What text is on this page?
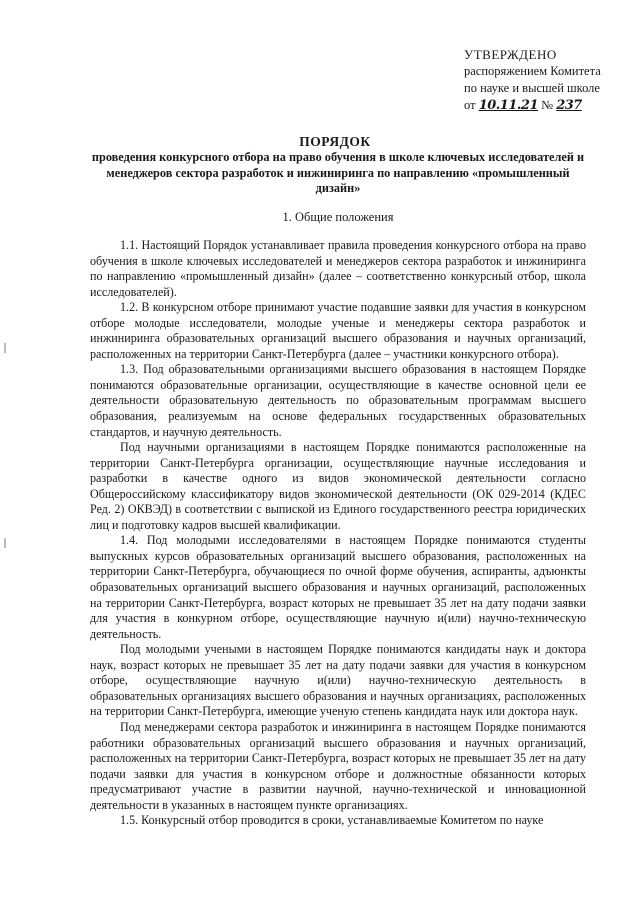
УТВЕРЖДЕНО
распоряжением Комитета
по науке и высшей школе
от 10.11.21 № 237
ПОРЯДОК
проведения конкурсного отбора на право обучения в школе ключевых исследователей и менеджеров сектора разработок и инжиниринга по направлению «промышленный дизайн»
1. Общие положения

1.1. Настоящий Порядок устанавливает правила проведения конкурсного отбора на право обучения в школе ключевых исследователей и менеджеров сектора разработок и инжиниринга по направлению «промышленный дизайн» (далее – соответственно конкурсный отбор, школа исследователей).

1.2. В конкурсном отборе принимают участие подавшие заявки для участия в конкурсном отборе молодые исследователи, молодые ученые и менеджеры сектора разработок и инжиниринга образовательных организаций высшего образования и научных организаций, расположенных на территории Санкт-Петербурга (далее – участники конкурсного отбора).

1.3. Под образовательными организациями высшего образования в настоящем Порядке понимаются образовательные организации, осуществляющие в качестве основной цели ее деятельности образовательную деятельность по образовательным программам высшего образования, реализуемым на основе федеральных государственных образовательных стандартов, и научную деятельность.

Под научными организациями в настоящем Порядке понимаются расположенные на территории Санкт-Петербурга организации, осуществляющие научные исследования и разработки в качестве одного из видов экономической деятельности согласно Общероссийскому классификатору видов экономической деятельности (ОК 029-2014 (КДЕС Ред. 2) ОКВЭД) в соответствии с выпиской из Единого государственного реестра юридических лиц и подготовку кадров высшей квалификации.

1.4. Под молодыми исследователями в настоящем Порядке понимаются студенты выпускных курсов образовательных организаций высшего образования, расположенных на территории Санкт-Петербурга, обучающиеся по очной форме обучения, аспиранты, адъюнкты образовательных организаций высшего образования и научных организаций, расположенных на территории Санкт-Петербурга, возраст которых не превышает 35 лет на дату подачи заявки для участия в конкурном отборе, осуществляющие научную и(или) научно-техническую деятельность.

Под молодыми учеными в настоящем Порядке понимаются кандидаты наук и доктора наук, возраст которых не превышает 35 лет на дату подачи заявки для участия в конкурсном отборе, осуществляющие научную и(или) научно-техническую деятельность в образовательных организациях высшего образования и научных организациях, расположенных на территории Санкт-Петербурга, имеющие ученую степень кандидата наук или доктора наук.

Под менеджерами сектора разработок и инжиниринга в настоящем Порядке понимаются работники образовательных организаций высшего образования и научных организаций, расположенных на территории Санкт-Петербурга, возраст которых не превышает 35 лет на дату подачи заявки для участия в конкурсном отборе и должностные обязанности которых предусматривают участие в развитии научной, научно-технической и инновационной деятельности в указанных в настоящем пункте организациях.

1.5. Конкурсный отбор проводится в сроки, устанавливаемые Комитетом по науке
